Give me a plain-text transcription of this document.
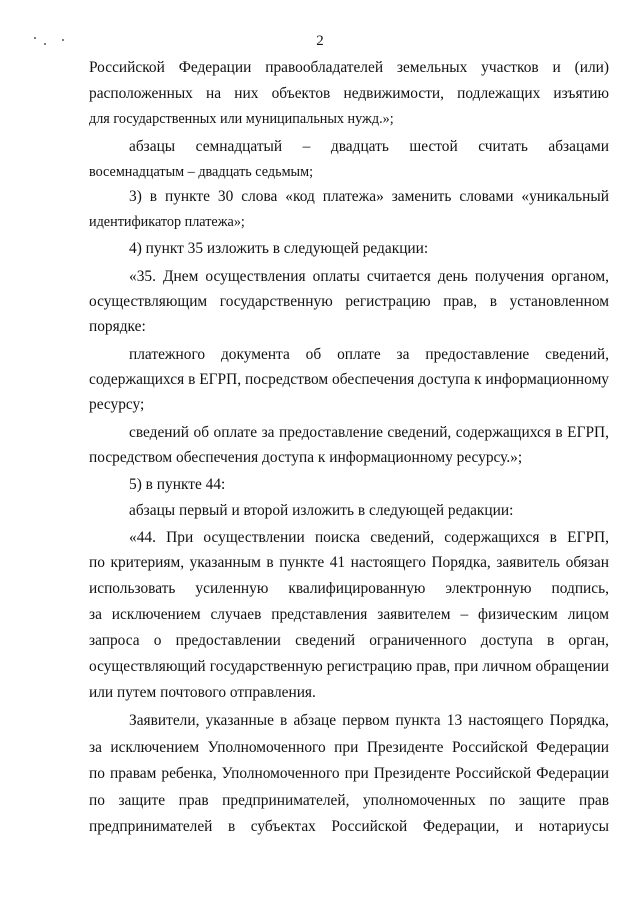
2
Российской Федерации правообладателей земельных участков и (или)
расположенных на них объектов недвижимости, подлежащих изъятию
для государственных или муниципальных нужд.»;
абзацы семнадцатый – двадцать шестой считать абзацами
восемнадцатым – двадцать седьмым;
3) в пункте 30 слова «код платежа» заменить словами «уникальный
идентификатор платежа»;
4) пункт 35 изложить в следующей редакции:
«35. Днем осуществления оплаты считается день получения органом,
осуществляющим государственную регистрацию прав, в установленном
порядке:
платежного документа об оплате за предоставление сведений,
содержащихся в ЕГРП, посредством обеспечения доступа к информационному
ресурсу;
сведений об оплате за предоставление сведений, содержащихся в ЕГРП,
посредством обеспечения доступа к информационному ресурсу.»;
5) в пункте 44:
абзацы первый и второй изложить в следующей редакции:
«44. При осуществлении поиска сведений, содержащихся в ЕГРП,
по критериям, указанным в пункте 41 настоящего Порядка, заявитель обязан
использовать усиленную квалифицированную электронную подпись,
за исключением случаев представления заявителем – физическим лицом
запроса о предоставлении сведений ограниченного доступа в орган,
осуществляющий государственную регистрацию прав, при личном обращении
или путем почтового отправления.
Заявители, указанные в абзаце первом пункта 13 настоящего Порядка,
за исключением Уполномоченного при Президенте Российской Федерации
по правам ребенка, Уполномоченного при Президенте Российской Федерации
по защите прав предпринимателей, уполномоченных по защите прав
предпринимателей в субъектах Российской Федерации, и нотариусы
